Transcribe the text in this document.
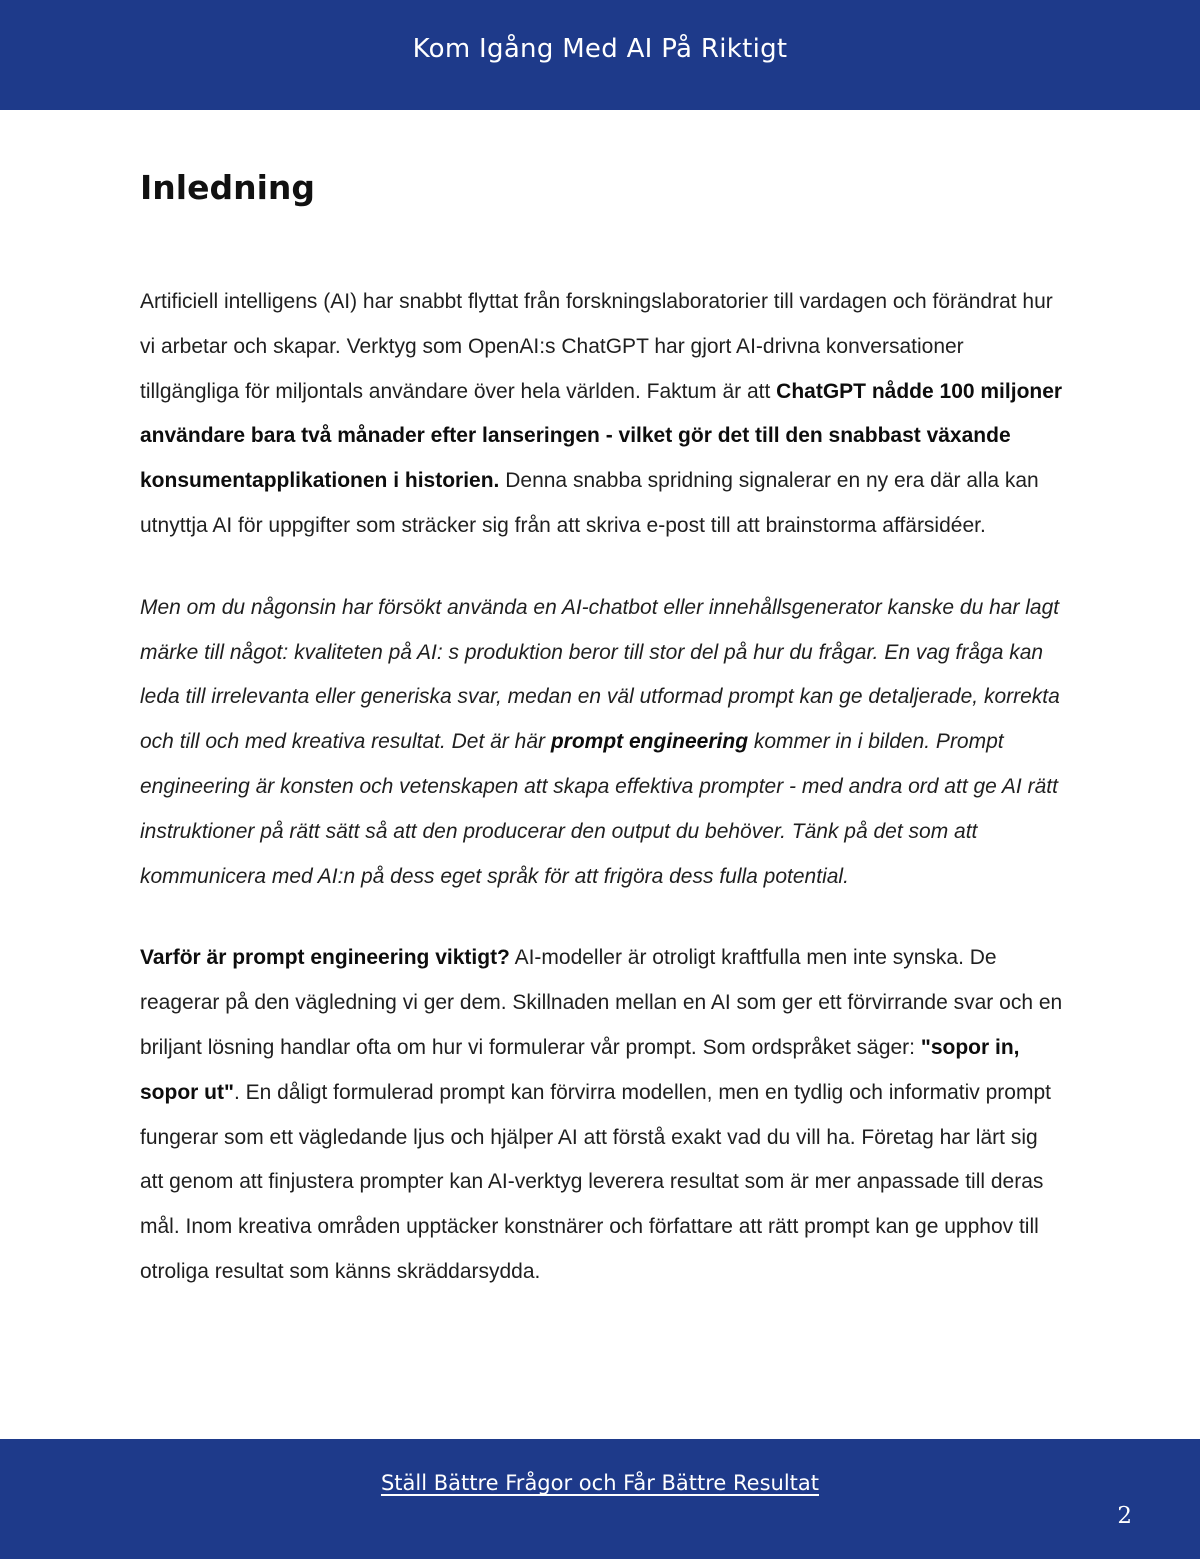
Kom Igång Med AI På Riktigt
Inledning

Artificiell intelligens (AI) har snabbt flyttat från forskningslaboratorier till vardagen och förändrat hur vi arbetar och skapar. Verktyg som OpenAI:s ChatGPT har gjort AI-drivna konversationer tillgängliga för miljontals användare över hela världen. Faktum är att ChatGPT nådde 100 miljoner användare bara två månader efter lanseringen - vilket gör det till den snabbast växande konsumentapplikationen i historien. Denna snabba spridning signalerar en ny era där alla kan utnyttja AI för uppgifter som sträcker sig från att skriva e-post till att brainstorma affärsidéer.

Men om du någonsin har försökt använda en AI-chatbot eller innehållsgenerator kanske du har lagt märke till något: kvaliteten på AI: s produktion beror till stor del på hur du frågar. En vag fråga kan leda till irrelevanta eller generiska svar, medan en väl utformad prompt kan ge detaljerade, korrekta och till och med kreativa resultat. Det är här prompt engineering kommer in i bilden. Prompt engineering är konsten och vetenskapen att skapa effektiva prompter - med andra ord att ge AI rätt instruktioner på rätt sätt så att den producerar den output du behöver. Tänk på det som att kommunicera med AI:n på dess eget språk för att frigöra dess fulla potential.

Varför är prompt engineering viktigt? AI-modeller är otroligt kraftfulla men inte synska. De reagerar på den vägledning vi ger dem. Skillnaden mellan en AI som ger ett förvirrande svar och en briljant lösning handlar ofta om hur vi formulerar vår prompt. Som ordspråket säger: "sopor in, sopor ut". En dåligt formulerad prompt kan förvirra modellen, men en tydlig och informativ prompt fungerar som ett vägledande ljus och hjälper AI att förstå exakt vad du vill ha. Företag har lärt sig att genom att finjustera prompter kan AI-verktyg leverera resultat som är mer anpassade till deras mål. Inom kreativa områden upptäcker konstnärer och författare att rätt prompt kan ge upphov till otroliga resultat som känns skräddarsydda.

Ställ Bättre Frågor och Får Bättre Resultat
2
